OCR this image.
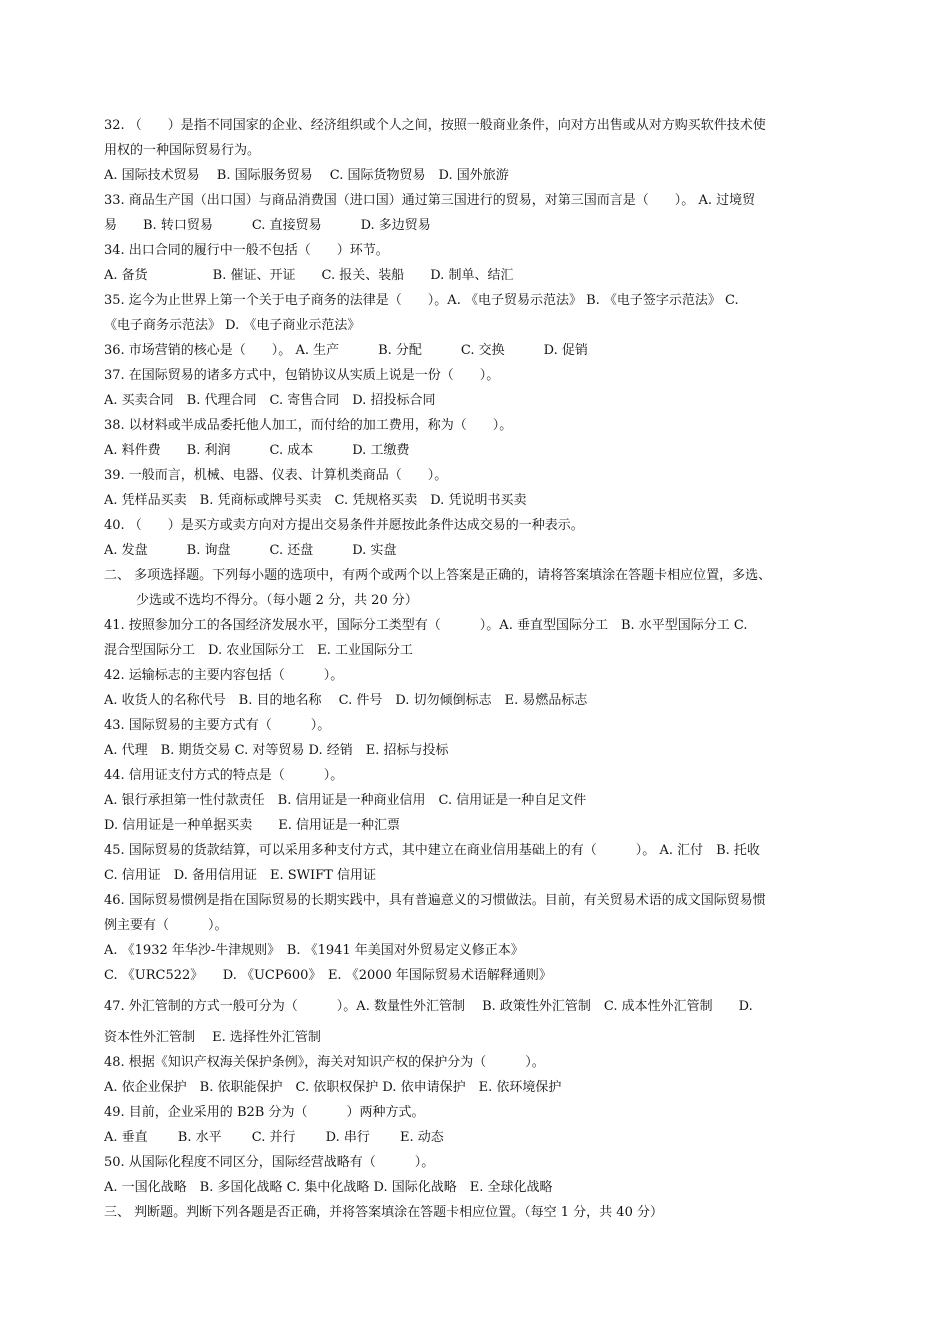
32. （　　）是指不同国家的企业、经济组织或个人之间，按照一般商业条件，向对方出售或从对方购买软件技术使
用权的一种国际贸易行为。
A. 国际技术贸易　 B. 国际服务贸易　 C. 国际货物贸易　D. 国外旅游
33. 商品生产国（出口国）与商品消费国（进口国）通过第三国进行的贸易，对第三国而言是（　　）。 A. 过境贸
易　　B. 转口贸易　　　C. 直接贸易　　　D. 多边贸易
34. 出口合同的履行中一般不包括（　　）环节。
A. 备货　　　　　B. 催证、开证　　C. 报关、装船　　D. 制单、结汇
35. 迄今为止世界上第一个关于电子商务的法律是（　　）。A. 《电子贸易示范法》 B. 《电子签字示范法》 C.
《电子商务示范法》 D. 《电子商业示范法》
36. 市场营销的核心是（　　）。 A. 生产　　　B. 分配　　　C. 交换　　　D. 促销
37. 在国际贸易的诸多方式中，包销协议从实质上说是一份（　　）。
A. 买卖合同　B. 代理合同　C. 寄售合同　D. 招投标合同
38. 以材料或半成品委托他人加工，而付给的加工费用，称为（　　）。
A. 料件费　　B. 利润　　　C. 成本　　　D. 工缴费
39. 一般而言，机械、电器、仪表、计算机类商品（　　）。
A. 凭样品买卖　B. 凭商标或牌号买卖　C. 凭规格买卖　D. 凭说明书买卖
40. （　　）是买方或卖方向对方提出交易条件并愿按此条件达成交易的一种表示。
A. 发盘　　　B. 询盘　　　C. 还盘　　　D. 实盘
二、 多项选择题。下列每小题的选项中，有两个或两个以上答案是正确的，请将答案填涂在答题卡相应位置，多选、
少选或不选均不得分。（每小题 2 分，共 20 分）
41. 按照参加分工的各国经济发展水平，国际分工类型有（　　　）。A. 垂直型国际分工　B. 水平型国际分工 C.
混合型国际分工　D. 农业国际分工　E. 工业国际分工
42. 运输标志的主要内容包括（　　　）。
A. 收货人的名称代号　B. 目的地名称　 C. 件号　D. 切勿倾倒标志　E. 易燃品标志
43. 国际贸易的主要方式有（　　　）。
A. 代理　B. 期货交易 C. 对等贸易 D. 经销　E. 招标与投标
44. 信用证支付方式的特点是（　　　）。
A. 银行承担第一性付款责任　B. 信用证是一种商业信用　C. 信用证是一种自足文件
D. 信用证是一种单据买卖　　E. 信用证是一种汇票
45. 国际贸易的货款结算，可以采用多种支付方式，其中建立在商业信用基础上的有（　　　）。 A. 汇付　B. 托收
C. 信用证　D. 备用信用证　E. SWIFT 信用证
46. 国际贸易惯例是指在国际贸易的长期实践中，具有普遍意义的习惯做法。目前，有关贸易术语的成文国际贸易惯
例主要有（　　　）。
A. 《1932 年华沙-牛津规则》　B. 《1941 年美国对外贸易定义修正本》
C. 《URC522》　　D. 《UCP600》　E. 《2000 年国际贸易术语解释通则》
47. 外汇管制的方式一般可分为（　　　）。A. 数量性外汇管制　 B. 政策性外汇管制　C. 成本性外汇管制　　D.
资本性外汇管制　 E. 选择性外汇管制
48. 根据《知识产权海关保护条例》，海关对知识产权的保护分为（　　　）。
A. 依企业保护　B. 依职能保护　C. 依职权保护 D. 依申请保护　E. 依环境保护
49. 目前，企业采用的 B2B 分为（　　　）两种方式。
A. 垂直　　 B. 水平　　 C. 并行　　 D. 串行　　 E. 动态
50. 从国际化程度不同区分，国际经营战略有（　　　）。
A. 一国化战略　B. 多国化战略 C. 集中化战略 D. 国际化战略　E. 全球化战略
三、 判断题。判断下列各题是否正确，并将答案填涂在答题卡相应位置。（每空 1 分，共 40 分）
